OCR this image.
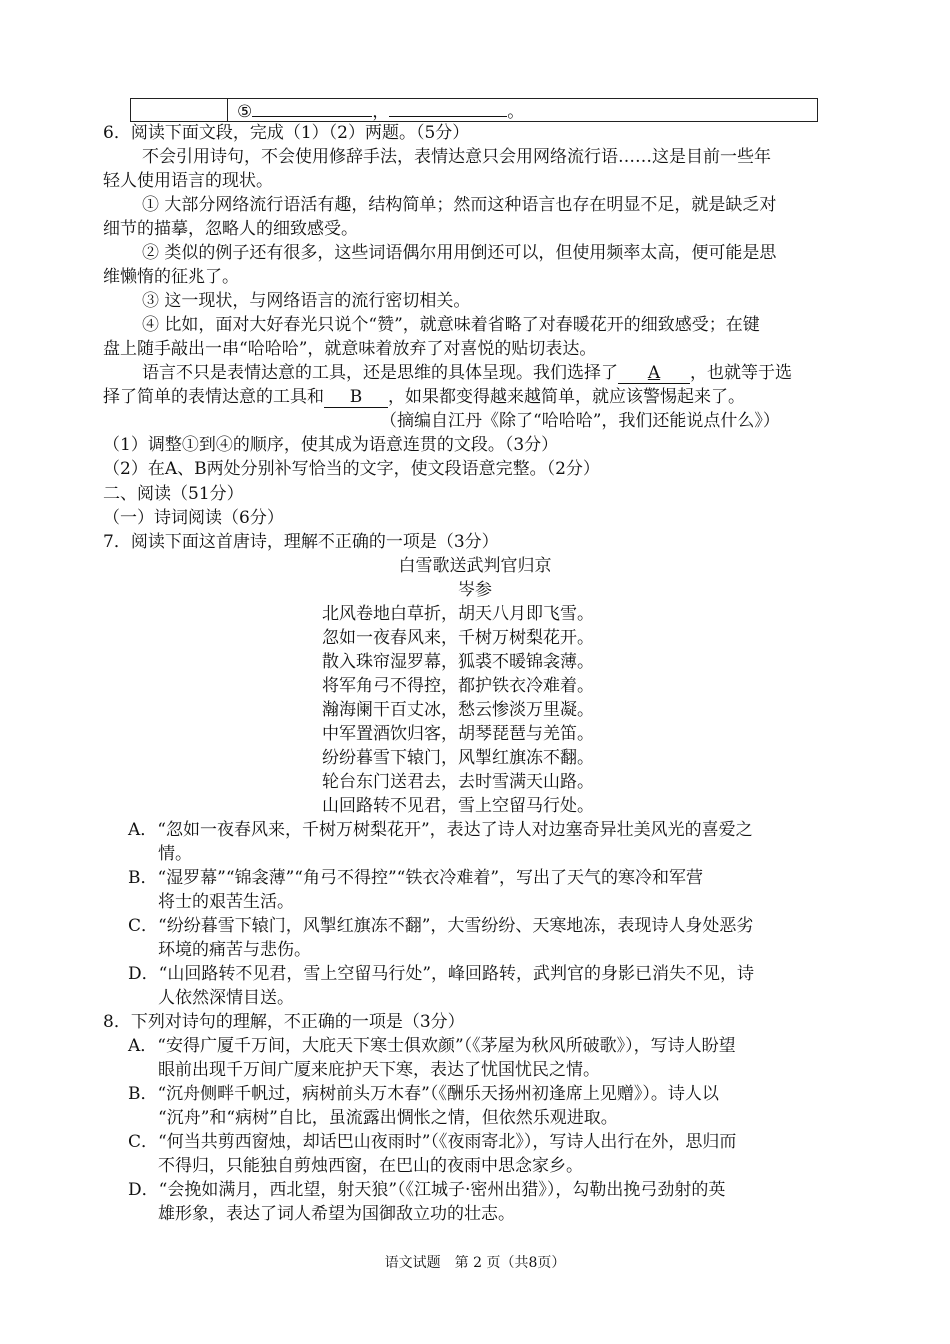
⑤	，	。
6．阅读下面文段，完成（1）（2）两题。（5分）
不会引用诗句，不会使用修辞手法，表情达意只会用网络流行语……这是目前一些年
轻人使用语言的现状。
① 大部分网络流行语活有趣，结构简单；然而这种语言也存在明显不足，就是缺乏对
细节的描摹，忽略人的细致感受。
② 类似的例子还有很多，这些词语偶尔用用倒还可以，但使用频率太高，便可能是思
维懒惰的征兆了。
③ 这一现状，与网络语言的流行密切相关。
④ 比如，面对大好春光只说个“赞”，就意味着省略了对春暖花开的细致感受；在键
盘上随手敲出一串“哈哈哈”，就意味着放弃了对喜悦的贴切表达。
语言不只是表情达意的工具，还是思维的具体呈现。我们选择了 A ，也就等于选
择了简单的表情达意的工具和 B ，如果都变得越来越简单，就应该警惕起来了。
（摘编自江丹《除了“哈哈哈”，我们还能说点什么》）
（1）调整①到④的顺序，使其成为语意连贯的文段。（3分）
（2）在A、B两处分别补写恰当的文字，使文段语意完整。（2分）
二、阅读（51分）
（一）诗词阅读（6分）
7．阅读下面这首唐诗，理解不正确的一项是（3分）
白雪歌送武判官归京
岑参
北风卷地白草折，胡天八月即飞雪。
忽如一夜春风来，千树万树梨花开。
散入珠帘湿罗幕，狐裘不暖锦衾薄。
将军角弓不得控，都护铁衣冷难着。
瀚海阑干百丈冰，愁云惨淡万里凝。
中军置酒饮归客，胡琴琵琶与羌笛。
纷纷暮雪下辕门，风掣红旗冻不翻。
轮台东门送君去，去时雪满天山路。
山回路转不见君，雪上空留马行处。
A．“忽如一夜春风来，千树万树梨花开”，表达了诗人对边塞奇异壮美风光的喜爱之
情。
B．“湿罗幕”“锦衾薄”“角弓不得控”“铁衣冷难着”，写出了天气的寒冷和军营
将士的艰苦生活。
C．“纷纷暮雪下辕门，风掣红旗冻不翻”，大雪纷纷、天寒地冻，表现诗人身处恶劣
环境的痛苦与悲伤。
D．“山回路转不见君，雪上空留马行处”，峰回路转，武判官的身影已消失不见，诗
人依然深情目送。
8．下列对诗句的理解，不正确的一项是（3分）
A．“安得广厦千万间，大庇天下寒士俱欢颜”（《茅屋为秋风所破歌》），写诗人盼望
眼前出现千万间广厦来庇护天下寒，表达了忧国忧民之情。
B．“沉舟侧畔千帆过，病树前头万木春”（《酬乐天扬州初逢席上见赠》）。诗人以
“沉舟”和“病树”自比，虽流露出惆怅之情，但依然乐观进取。
C．“何当共剪西窗烛，却话巴山夜雨时”（《夜雨寄北》），写诗人出行在外，思归而
不得归，只能独自剪烛西窗，在巴山的夜雨中思念家乡。
D．“会挽如满月，西北望，射天狼”（《江城子·密州出猎》），勾勒出挽弓劲射的英
雄形象，表达了词人希望为国御敌立功的壮志。
语文试题　第 2 页（共8页）
